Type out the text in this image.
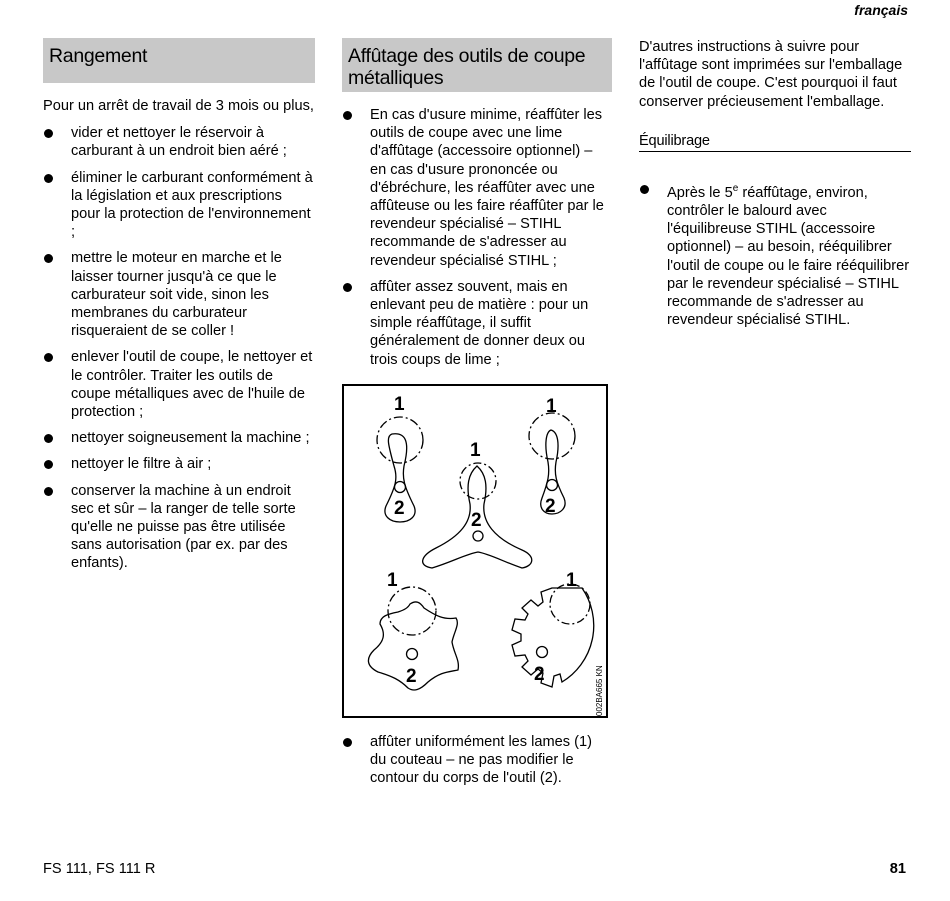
français
Rangement

Pour un arrêt de travail de 3 mois ou plus,

vider et nettoyer le réservoir à carburant à un endroit bien aéré ;
éliminer le carburant conformément à la législation et aux prescriptions pour la protection de l'environnement ;
mettre le moteur en marche et le laisser tourner jusqu'à ce que le carburateur soit vide, sinon les membranes du carburateur risqueraient de se coller !
enlever l'outil de coupe, le nettoyer et le contrôler. Traiter les outils de coupe métalliques avec de l'huile de protection ;
nettoyer soigneusement la machine ;
nettoyer le filtre à air ;
conserver la machine à un endroit sec et sûr – la ranger de telle sorte qu'elle ne puisse pas être utilisée sans autorisation (par ex. par des enfants).
Affûtage des outils de coupe métalliques
En cas d'usure minime, réaffûter les outils de coupe avec une lime d'affûtage (accessoire optionnel) – en cas d'usure prononcée ou d'ébréchure, les réaffûter avec une affûteuse ou les faire réaffûter par le revendeur spécialisé – STIHL recommande de s'adresser au revendeur spécialisé STIHL ;
affûter assez souvent, mais en enlevant peu de matière : pour un simple réaffûtage, il suffit généralement de donner deux ou trois coups de lime ;
1	1
1
1	1
2	2
2
2	2	002BA665 KN
affûter uniformément les lames (1) du couteau – ne pas modifier le contour du corps de l'outil (2).

D'autres instructions à suivre pour l'affûtage sont imprimées sur l'emballage de l'outil de coupe. C'est pourquoi il faut conserver précieusement l'emballage.

Équilibrage
Après le 5e réaffûtage, environ, contrôler le balourd avec l'équilibreuse STIHL (accessoire optionnel) – au besoin, rééquilibrer l'outil de coupe ou le faire rééquilibrer par le revendeur spécialisé – STIHL recommande de s'adresser au revendeur spécialisé STIHL.
FS 111, FS 111 R	81
